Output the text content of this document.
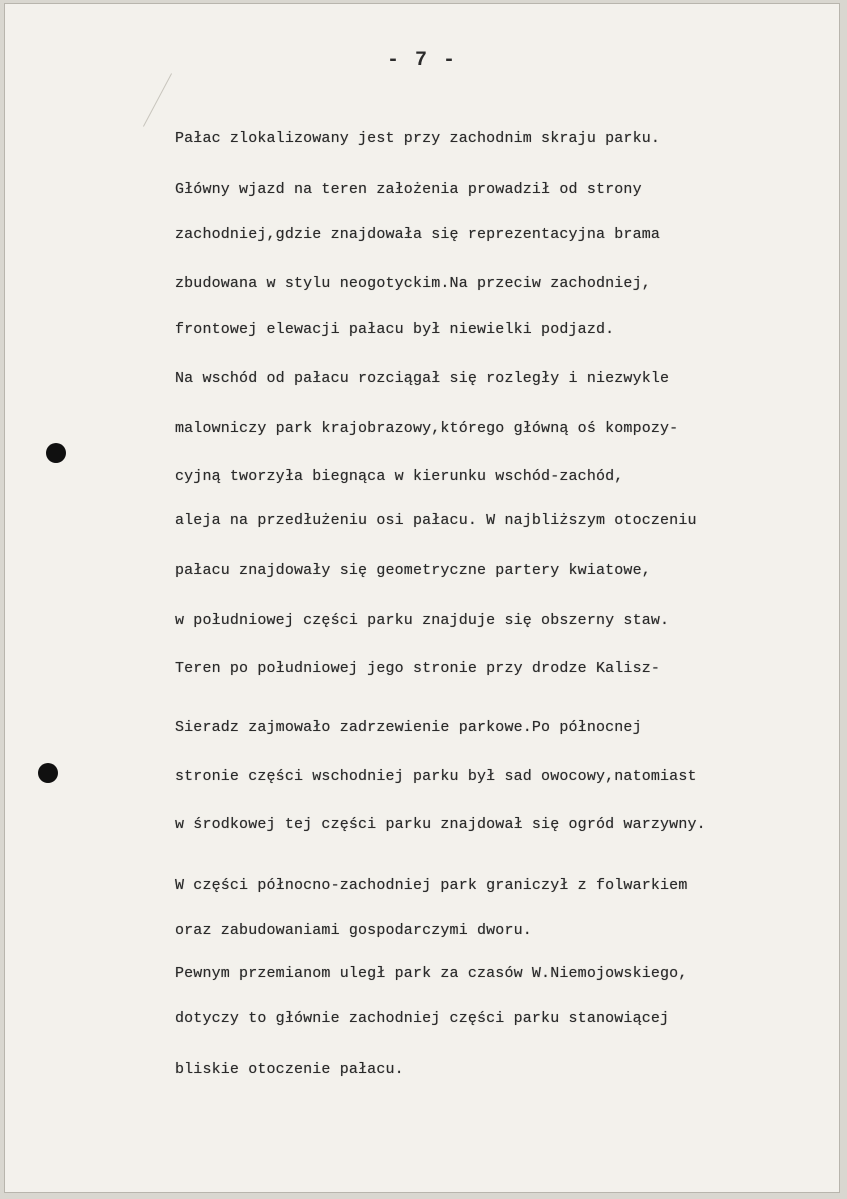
- 7 -
Pałac zlokalizowany jest przy zachodnim skraju parku.
Główny wjazd na teren założenia prowadził od strony
zachodniej,gdzie znajdowała się reprezentacyjna brama
zbudowana w stylu neogotyckim.Na przeciw zachodniej,
frontowej elewacji pałacu był niewielki podjazd.
Na wschód od pałacu rozciągał się rozległy i niezwykle
malowniczy park krajobrazowy,którego główną oś kompozy-
cyjną tworzyła biegnąca w kierunku wschód-zachód,
aleja na przedłużeniu osi pałacu. W najbliższym otoczeniu
pałacu znajdowały się geometryczne partery kwiatowe,
w południowej części parku znajduje się obszerny staw.
Teren po południowej jego stronie przy drodze Kalisz-
Sieradz zajmowało zadrzewienie parkowe.Po północnej
stronie części wschodniej parku był sad owocowy,natomiast
w środkowej tej części parku znajdował się ogród warzywny.
W części północno-zachodniej park graniczył z folwarkiem
oraz zabudowaniami gospodarczymi dworu.
Pewnym przemianom uległ park za czasów W.Niemojowskiego,
dotyczy to głównie zachodniej części parku stanowiącej
bliskie otoczenie pałacu.
